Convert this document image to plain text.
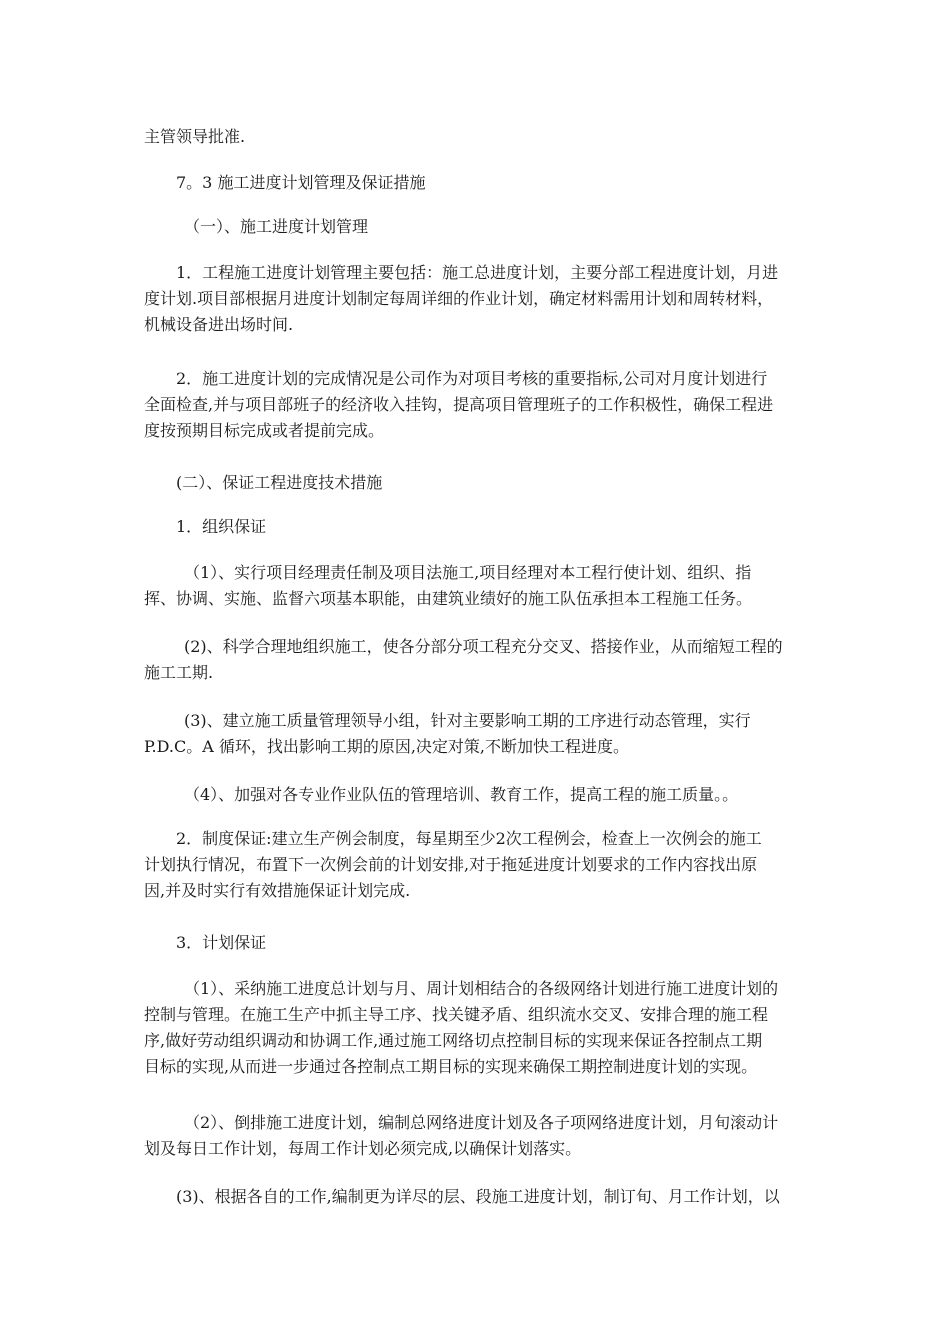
主管领导批准.
7。3 施工进度计划管理及保证措施
（一）、施工进度计划管理
1．工程施工进度计划管理主要包括：施工总进度计划，主要分部工程进度计划，月进
度计划.项目部根据月进度计划制定每周详细的作业计划，确定材料需用计划和周转材料，
机械设备进出场时间.
2．施工进度计划的完成情况是公司作为对项目考核的重要指标,公司对月度计划进行
全面检查,并与项目部班子的经济收入挂钩，提高项目管理班子的工作积极性，确保工程进
度按预期目标完成或者提前完成。
(二）、保证工程进度技术措施
1．组织保证
（1）、实行项目经理责任制及项目法施工,项目经理对本工程行使计划、组织、指
挥、协调、实施、监督六项基本职能，由建筑业绩好的施工队伍承担本工程施工任务。
(2)、科学合理地组织施工，使各分部分项工程充分交叉、搭接作业，从而缩短工程的
施工工期.
(3)、建立施工质量管理领导小组，针对主要影响工期的工序进行动态管理，实行
P.D.C。A 循环，找出影响工期的原因,决定对策,不断加快工程进度。
（4）、加强对各专业作业队伍的管理培训、教育工作，提高工程的施工质量。。
2．制度保证:建立生产例会制度，每星期至少2次工程例会，检查上一次例会的施工
计划执行情况，布置下一次例会前的计划安排,对于拖延进度计划要求的工作内容找出原
因,并及时实行有效措施保证计划完成.
3．计划保证
（1）、采纳施工进度总计划与月、周计划相结合的各级网络计划进行施工进度计划的
控制与管理。在施工生产中抓主导工序、找关键矛盾、组织流水交叉、安排合理的施工程
序,做好劳动组织调动和协调工作,通过施工网络切点控制目标的实现来保证各控制点工期
目标的实现,从而进一步通过各控制点工期目标的实现来确保工期控制进度计划的实现。
（2）、倒排施工进度计划，编制总网络进度计划及各子项网络进度计划，月旬滚动计
划及每日工作计划，每周工作计划必须完成,以确保计划落实。
(3)、根据各自的工作,编制更为详尽的层、段施工进度计划，制订旬、月工作计划，以
